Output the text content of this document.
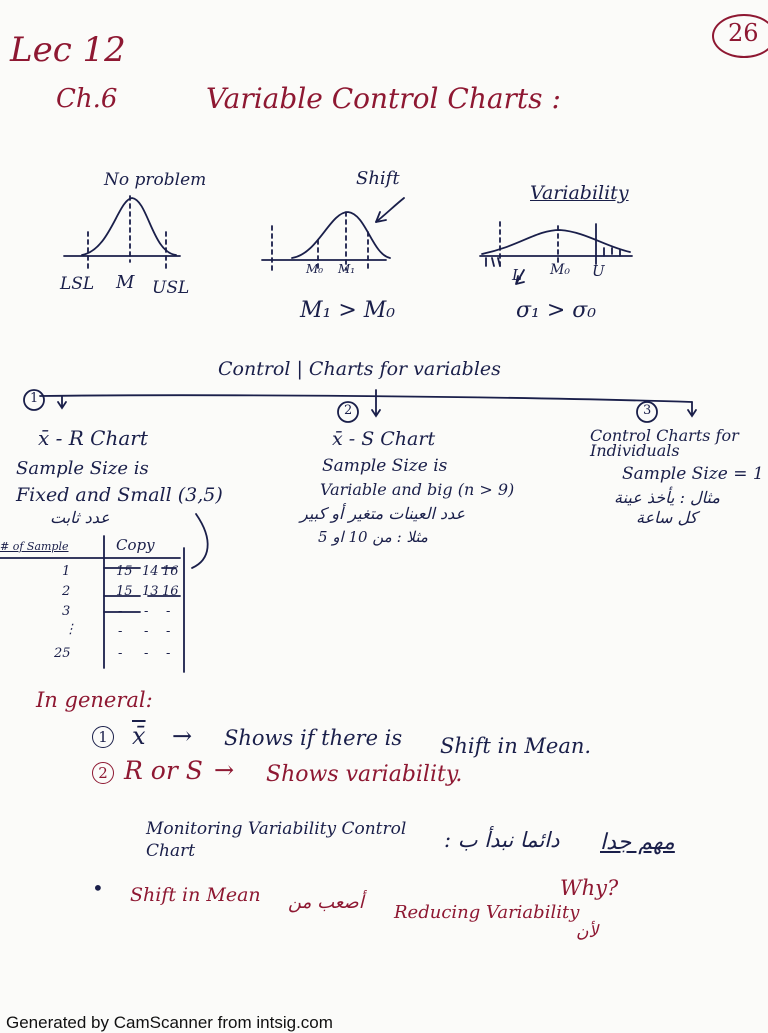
Lec 12	26

Ch.6	Variable Control Charts :

No problem

LSL M USL

Shift

M₀ M₁

M₁ > M₀

Variability

L M₀ U

σ₁ > σ₀

Control | Charts for variables

1
2	3

x̄ - R Chart

Sample Size is

Fixed and Small (3,5)

عدد ثابت

# of Sample	Copy
1	15 14 16
2	15 13 16
3	- - -
⋮	- - -
25	- - -

x̄ - S Chart

Sample Size is

Variable and big (n > 9)

عدد العينات متغير أو كبير

مثلا : من 10 او 5

Control Charts for Individuals

Sample Size = 1

مثال : يأخذ عينة

كل ساعة

In general:

1 x̄ → Shows if there is Shift in Mean.
2 R or S → Shows variability.

Monitoring Variability Control Chart	دائما نبدأ ب : مهم جدا

Why?

• Shift in Mean أصعب من Reducing Variability

لأن

Generated by CamScanner from intsig.com
